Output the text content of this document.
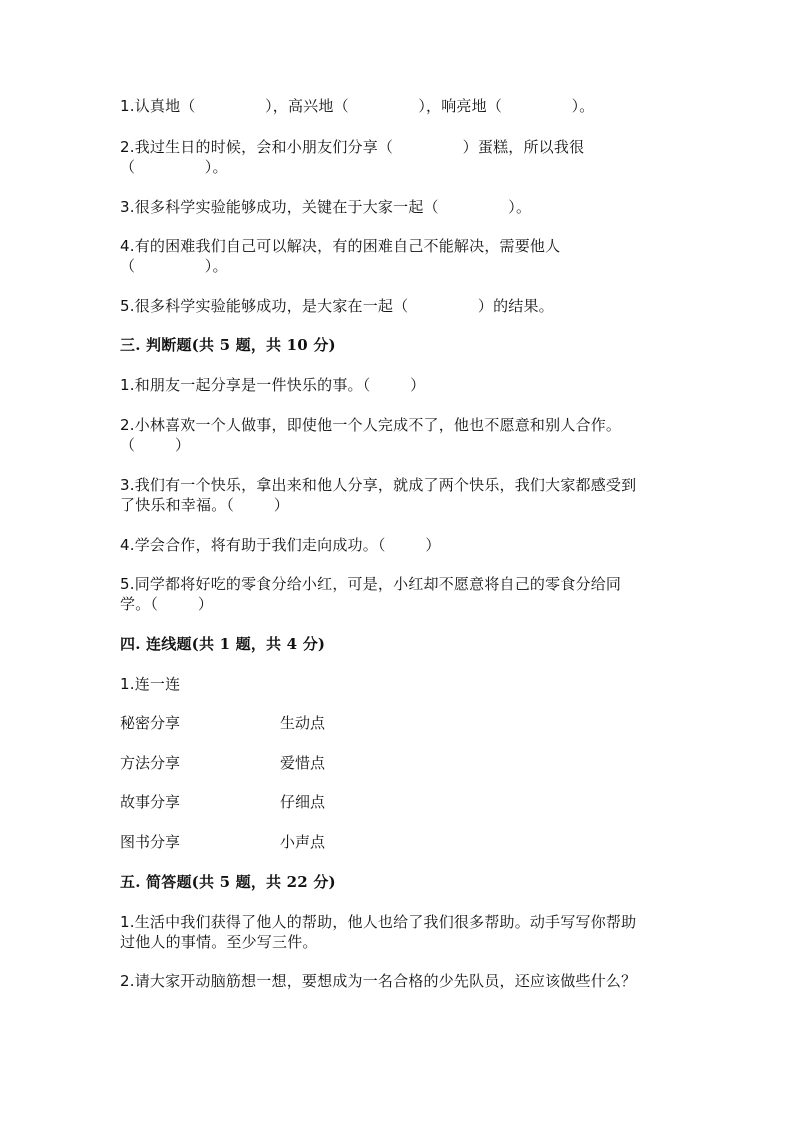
1.认真地（              ），高兴地（              ），响亮地（              ）。
2.我过生日的时候，会和小朋友们分享（              ）蛋糕，所以我很
（              ）。
3.很多科学实验能够成功，关键在于大家一起（              ）。
4.有的困难我们自己可以解决，有的困难自己不能解决，需要他人
（              ）。
5.很多科学实验能够成功，是大家在一起（              ）的结果。
三. 判断题(共 5 题，共 10 分)
1.和朋友一起分享是一件快乐的事。（        ）
2.小林喜欢一个人做事，即使他一个人完成不了，他也不愿意和别人合作。
（        ）
3.我们有一个快乐，拿出来和他人分享，就成了两个快乐，我们大家都感受到
了快乐和幸福。（        ）
4.学会合作，将有助于我们走向成功。（        ）
5.同学都将好吃的零食分给小红，可是，小红却不愿意将自己的零食分给同
学。（        ）
四. 连线题(共 1 题，共 4 分)
1.连一连
秘密分享	生动点
方法分享	爱惜点
故事分享	仔细点
图书分享	小声点
五. 简答题(共 5 题，共 22 分)
1.生活中我们获得了他人的帮助，他人也给了我们很多帮助。动手写写你帮助
过他人的事情。至少写三件。
2.请大家开动脑筋想一想，要想成为一名合格的少先队员，还应该做些什么？
